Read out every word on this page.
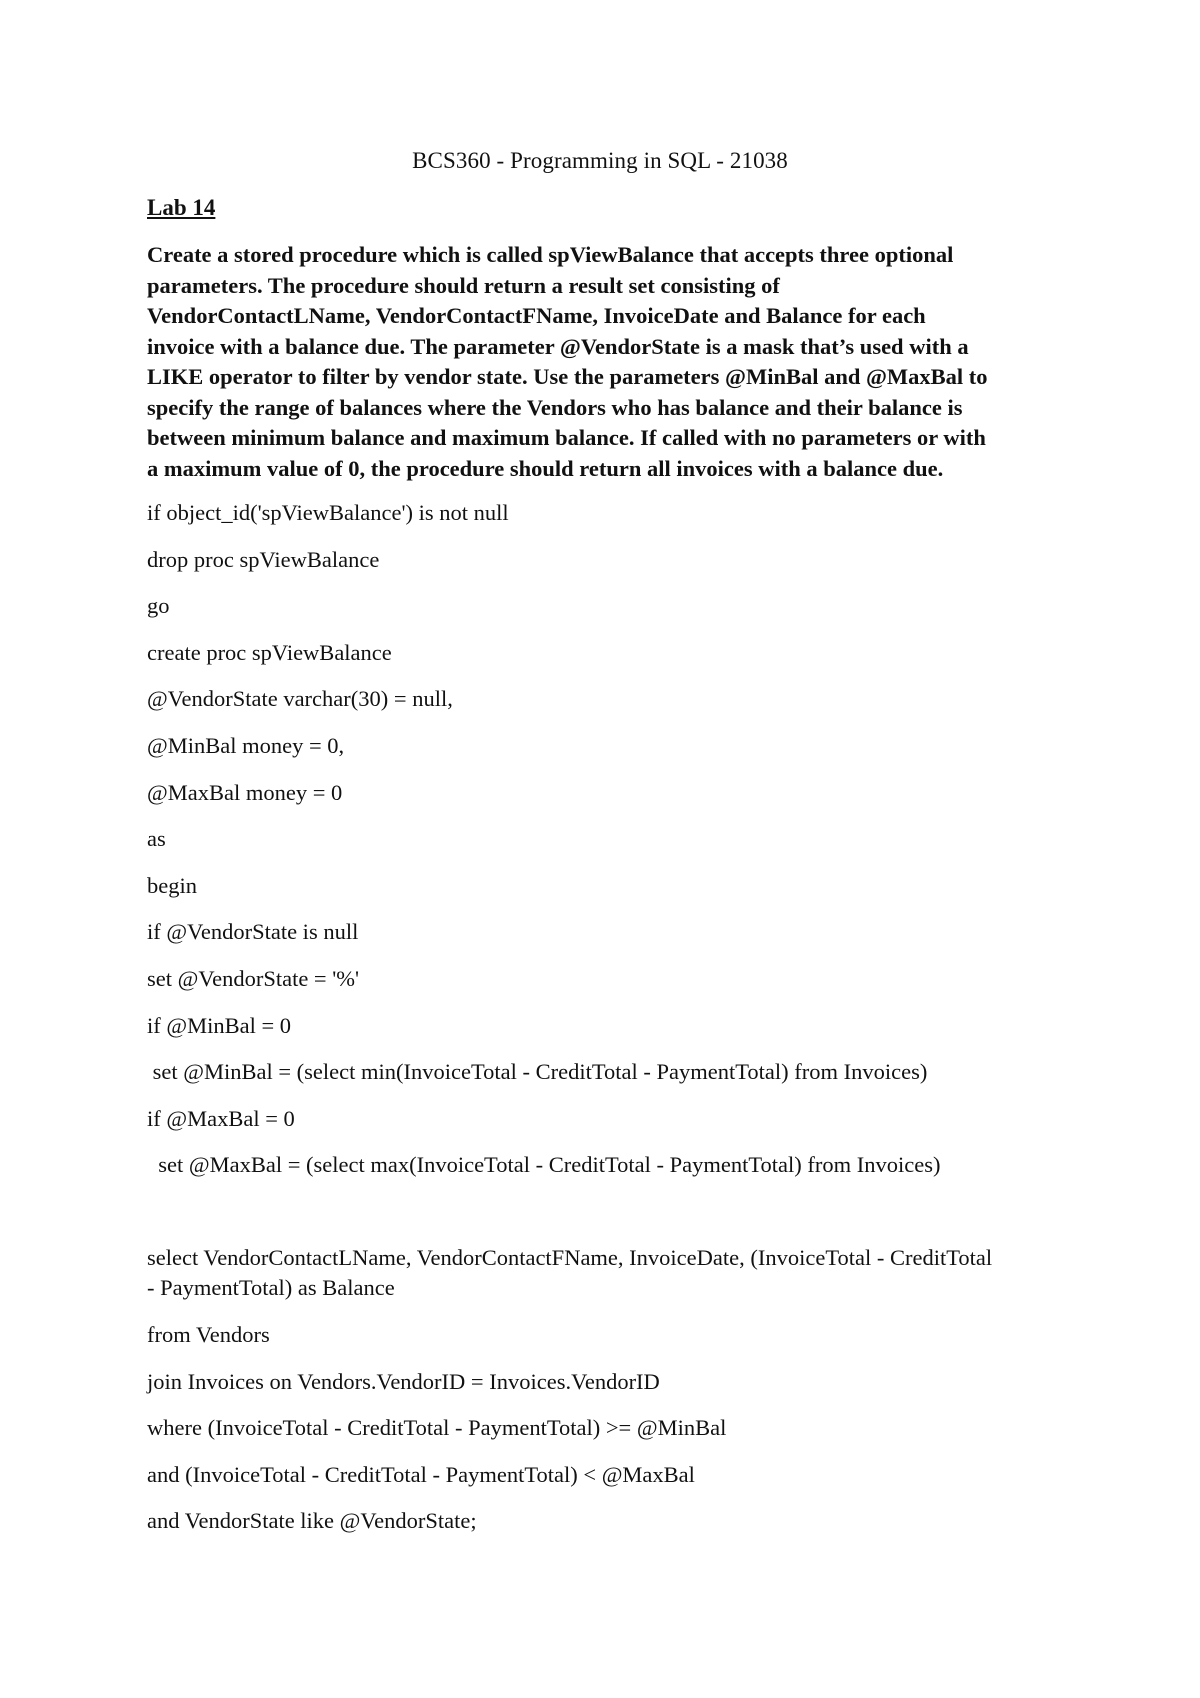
BCS360 - Programming in SQL - 21038
Lab 14
Create a stored procedure which is called spViewBalance that accepts three optional
parameters. The procedure should return a result set consisting of
VendorContactLName, VendorContactFName, InvoiceDate and Balance for each
invoice with a balance due. The parameter @VendorState is a mask that’s used with a
LIKE operator to filter by vendor state. Use the parameters @MinBal and @MaxBal to
specify the range of balances where the Vendors who has balance and their balance is
between minimum balance and maximum balance. If called with no parameters or with
a maximum value of 0, the procedure should return all invoices with a balance due.
if object_id('spViewBalance') is not null
drop proc spViewBalance
go
create proc spViewBalance
@VendorState varchar(30) = null,
@MinBal money = 0,
@MaxBal money = 0
as
begin
if @VendorState is null
set @VendorState = '%'
if @MinBal = 0
set @MinBal = (select min(InvoiceTotal - CreditTotal - PaymentTotal) from Invoices)
if @MaxBal = 0
set @MaxBal = (select max(InvoiceTotal - CreditTotal - PaymentTotal) from Invoices)
select VendorContactLName, VendorContactFName, InvoiceDate, (InvoiceTotal - CreditTotal
- PaymentTotal) as Balance
from Vendors
join Invoices on Vendors.VendorID = Invoices.VendorID
where (InvoiceTotal - CreditTotal - PaymentTotal) >= @MinBal
and (InvoiceTotal - CreditTotal - PaymentTotal) < @MaxBal
and VendorState like @VendorState;
